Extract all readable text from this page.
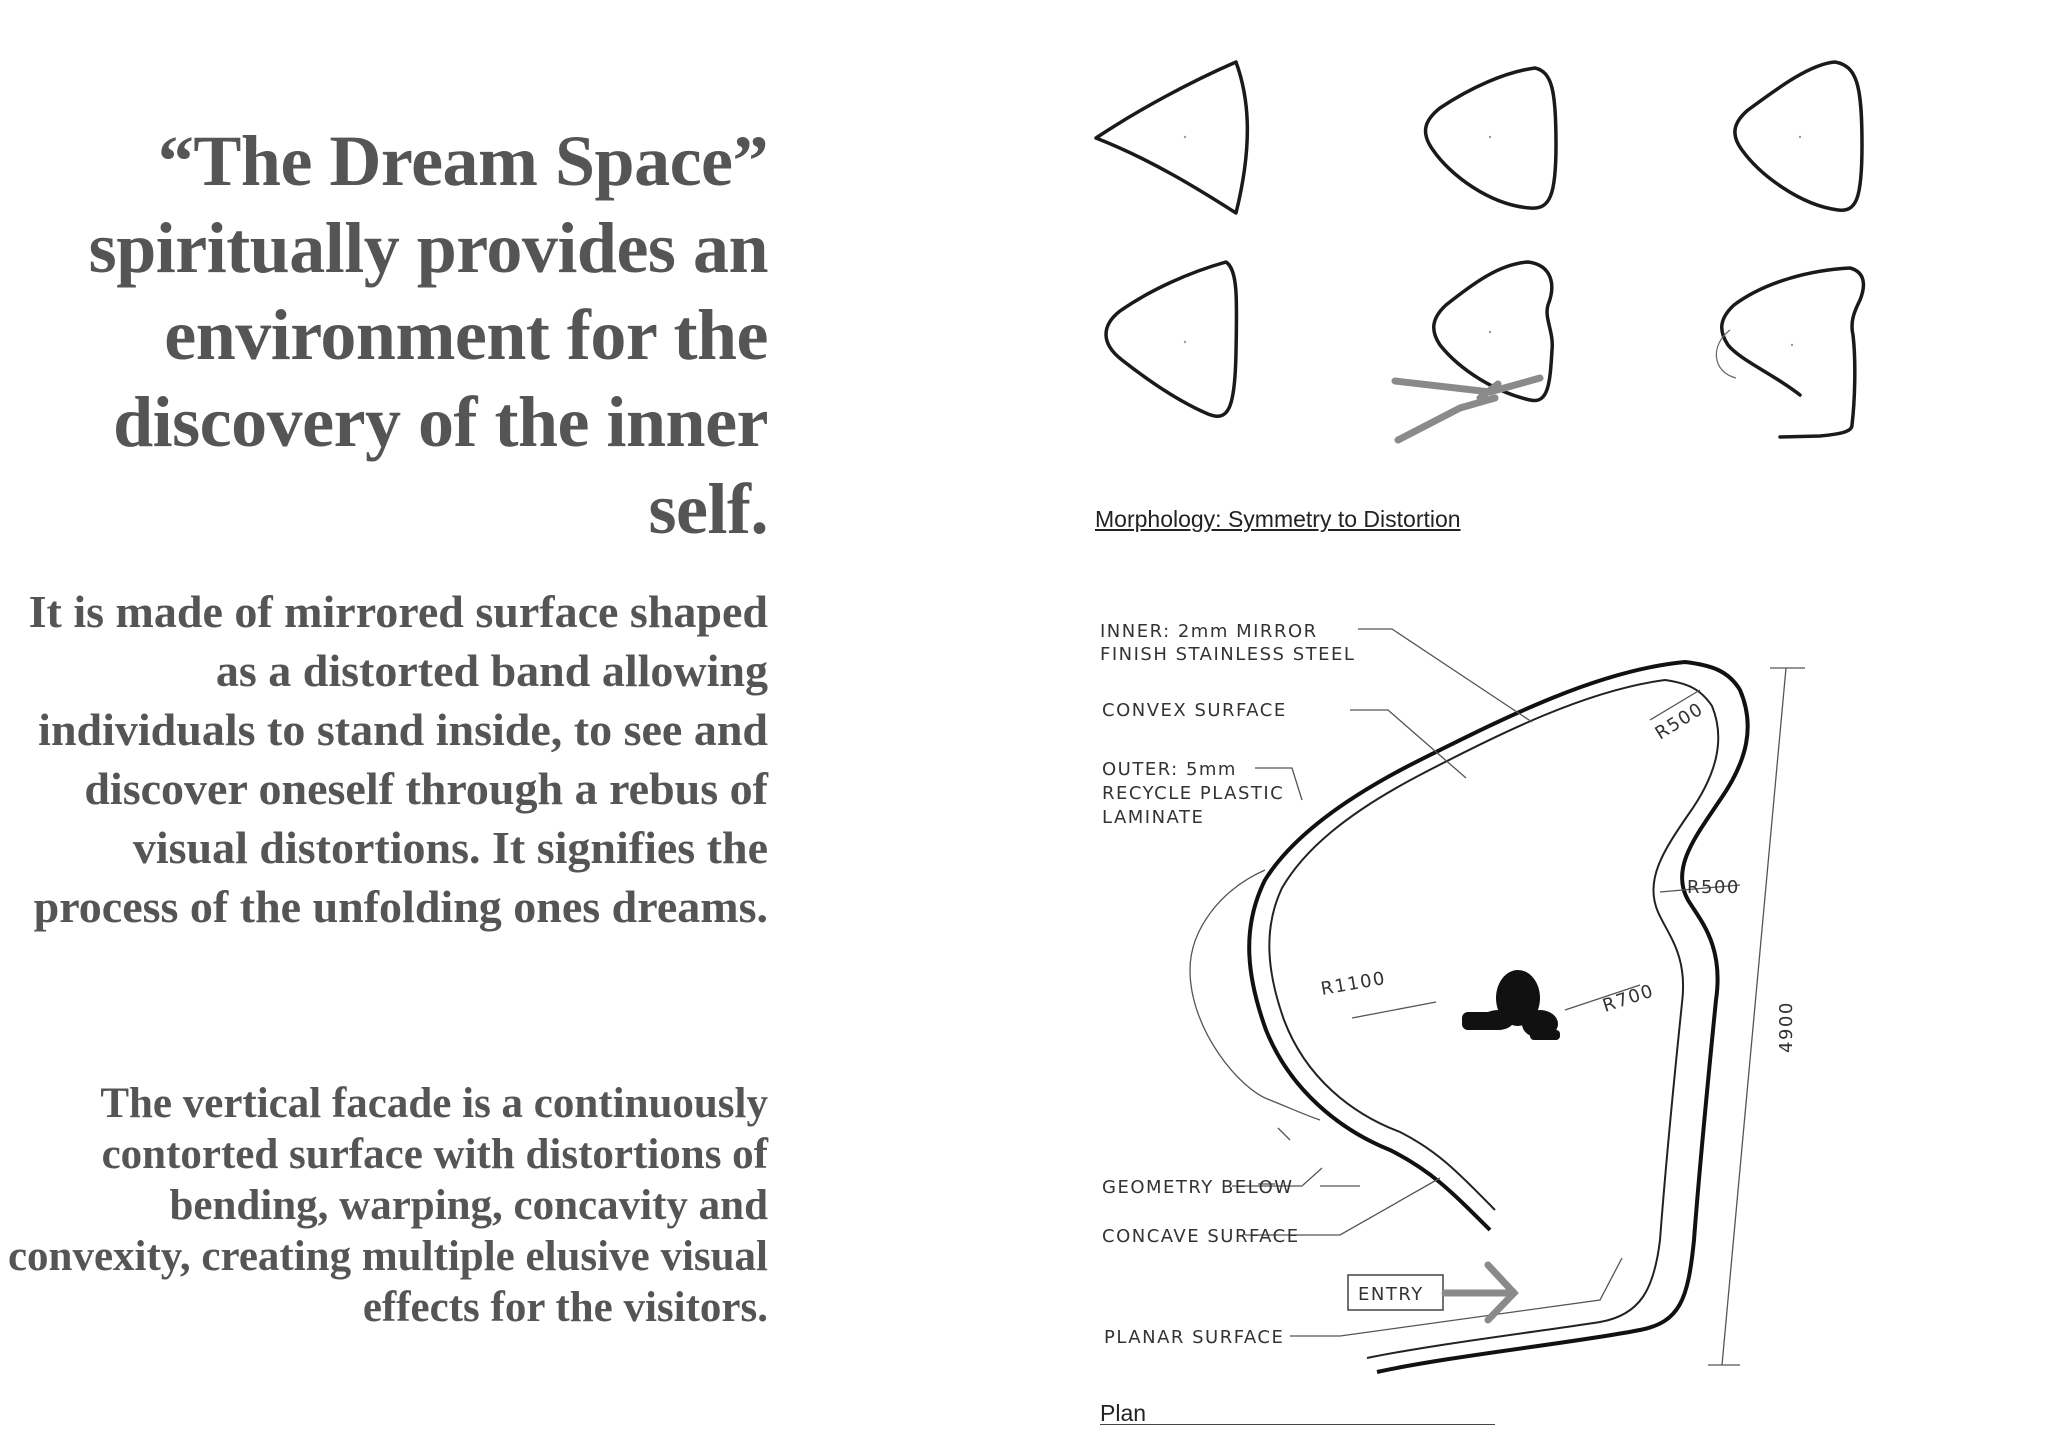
“The Dream Space” spiritually provides an environment for the discovery of the inner self.
It is made of mirrored surface shaped as a distorted band allowing individuals to stand inside, to see and discover oneself through a rebus of visual distortions. It signifies the process of the unfolding ones dreams.
The vertical facade is a continuously contorted surface with distortions of bending, warping, concavity and convexity, creating multiple elusive visual effects for the visitors.
INNER: 2mm MIRROR
FINISH STAINLESS STEEL
CONVEX SURFACE
OUTER: 5mm
RECYCLE PLASTIC
LAMINATE
GEOMETRY BELOW
CONCAVE SURFACE
PLANAR SURFACE
ENTRY
R500
R500
R1100	R700
4900
Morphology: Symmetry to Distortion
Plan
